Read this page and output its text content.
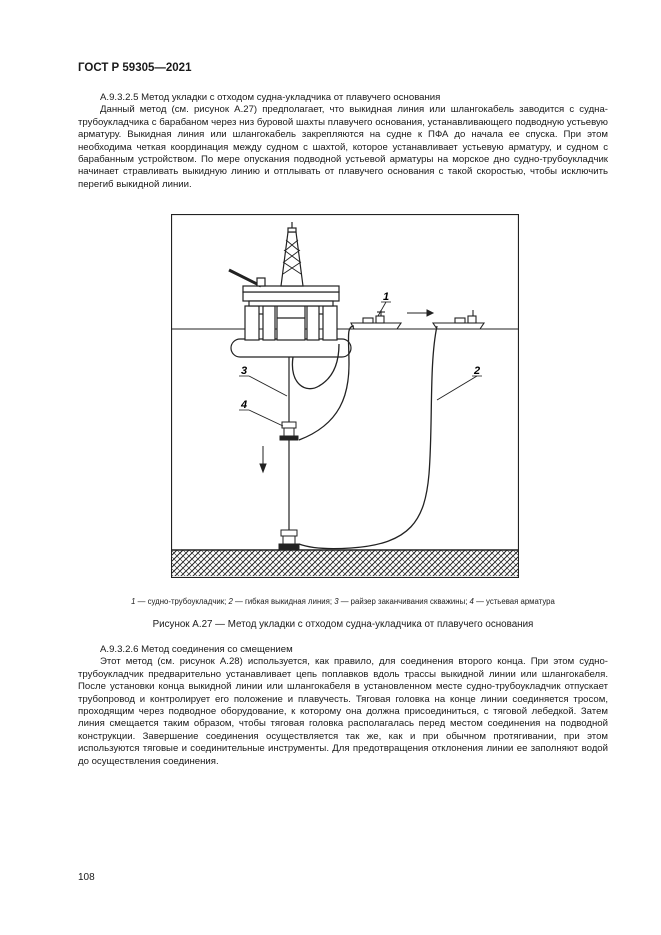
ГОСТ Р 59305—2021

А.9.3.2.5 Метод укладки с отходом судна-укладчика от плавучего основания

Данный метод (см. рисунок А.27) предполагает, что выкидная линия или шлангокабель заводится с судна-трубоукладчика с барабаном через низ буровой шахты плавучего основания, устанавливающего подводную устьевую арматуру. Выкидная линия или шлангокабель закрепляются на судне к ПФА до начала ее спуска. При этом необходима четкая координация между судном с шахтой, которое устанавливает устьевую арматуру, и судном с барабанным устройством. По мере опускания подводной устьевой арматуры на морское дно судно-трубоукладчик начинает стравливать выкидную линию и отплывать от плавучего основания с такой скоростью, чтобы исключить перегиб выкидной линии.

1
2
3
4
1 — судно-трубоукладчик; 2 — гибкая выкидная линия; 3 — райзер заканчивания скважины; 4 — устьевая арматура
Рисунок А.27 — Метод укладки с отходом судна-укладчика от плавучего основания

А.9.3.2.6 Метод соединения со смещением

Этот метод (см. рисунок А.28) используется, как правило, для соединения второго конца. При этом судно-трубоукладчик предварительно устанавливает цепь поплавков вдоль трассы выкидной линии или шлангокабеля. После установки конца выкидной линии или шлангокабеля в установленном месте судно-трубоукладчик отпускает трубопровод и контролирует его положение и плавучесть. Тяговая головка на конце линии соединяется тросом, проходящим через подводное оборудование, к которому она должна присоединиться, с тяговой лебедкой. Затем линия смещается таким образом, чтобы тяговая головка располагалась перед местом соединения на подводной конструкции. Завершение соединения осуществляется так же, как и при обычном протягивании, при этом используются тяговые и соединительные инструменты. Для предотвращения отклонения линии ее заполняют водой до осуществления соединения.

108
